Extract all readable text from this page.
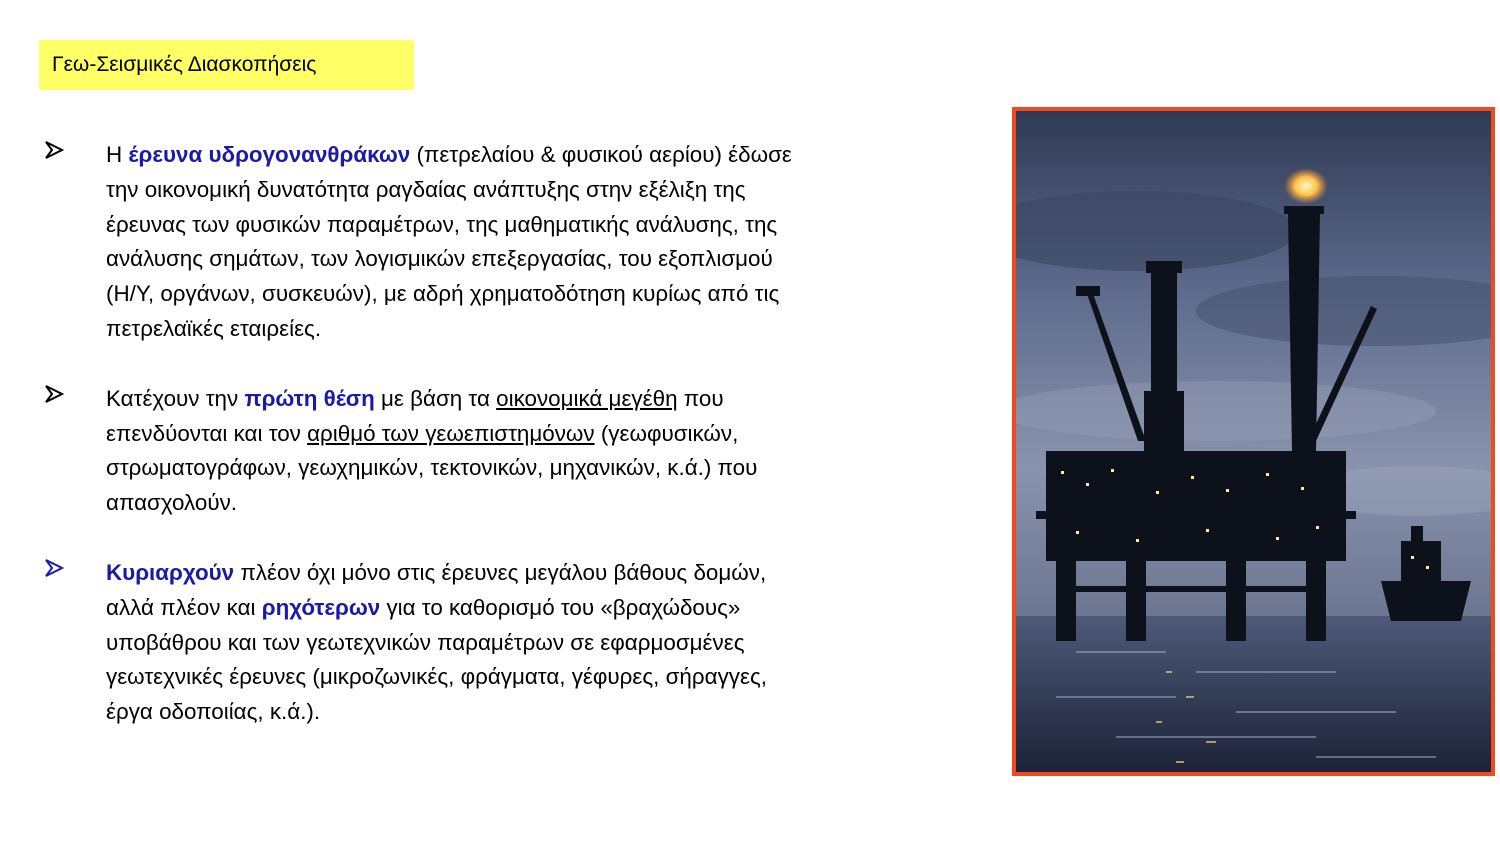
Γεω-Σεισμικές Διασκοπήσεις
Η έρευνα υδρογονανθράκων (πετρελαίου & φυσικού αερίου) έδωσε
την οικονομική δυνατότητα ραγδαίας ανάπτυξης στην εξέλιξη της
έρευνας των φυσικών παραμέτρων, της μαθηματικής ανάλυσης, της
ανάλυσης σημάτων, των λογισμικών επεξεργασίας, του εξοπλισμού
(Η/Υ, οργάνων, συσκευών), με αδρή χρηματοδότηση κυρίως από τις
πετρελαϊκές εταιρείες.
Κατέχουν την πρώτη θέση με βάση τα οικονομικά μεγέθη που
επενδύονται και τον αριθμό των γεωεπιστημόνων (γεωφυσικών,
στρωματογράφων, γεωχημικών, τεκτονικών, μηχανικών, κ.ά.) που
απασχολούν.
Κυριαρχούν πλέον όχι μόνο στις έρευνες μεγάλου βάθους δομών,
αλλά πλέον και ρηχότερων για το καθορισμό του «βραχώδους»
υποβάθρου και των γεωτεχνικών παραμέτρων σε εφαρμοσμένες
γεωτεχνικές έρευνες (μικροζωνικές, φράγματα, γέφυρες, σήραγγες,
έργα οδοποιίας, κ.ά.).
